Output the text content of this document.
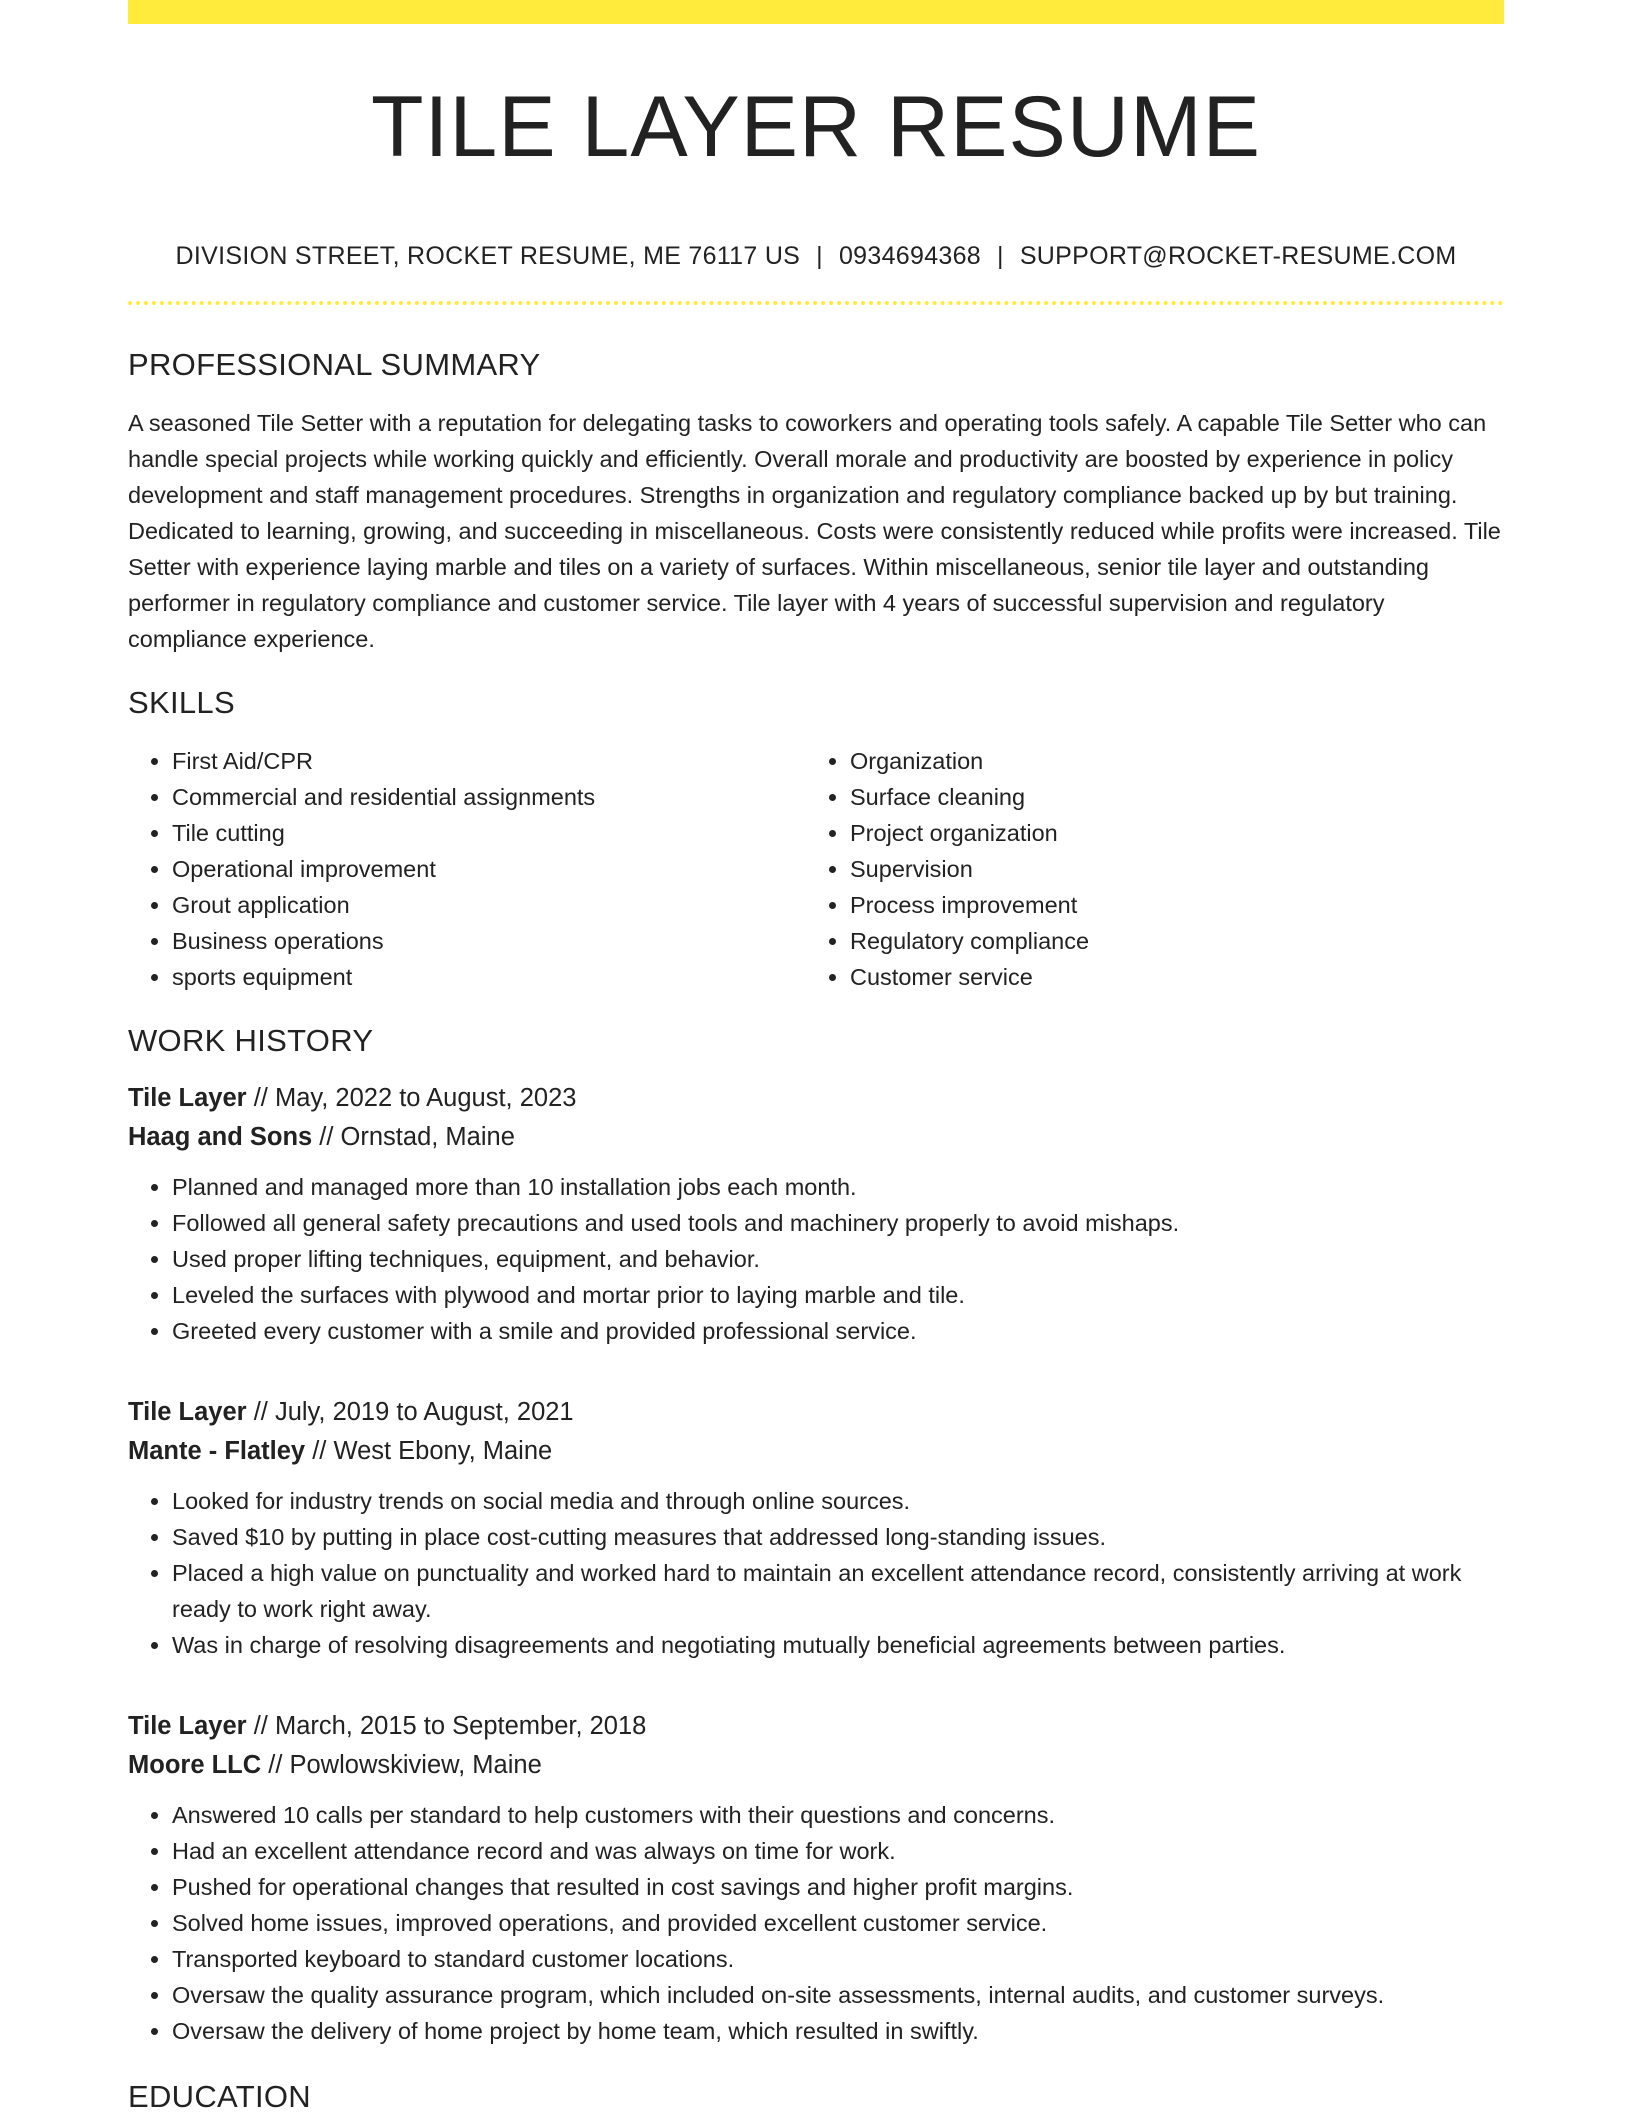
TILE LAYER RESUME
DIVISION STREET, ROCKET RESUME, ME 76117 US | 0934694368 | SUPPORT@ROCKET-RESUME.COM
PROFESSIONAL SUMMARY

A seasoned Tile Setter with a reputation for delegating tasks to coworkers and operating tools safely. A capable Tile Setter who can handle special projects while working quickly and efficiently. Overall morale and productivity are boosted by experience in policy development and staff management procedures. Strengths in organization and regulatory compliance backed up by but training. Dedicated to learning, growing, and succeeding in miscellaneous. Costs were consistently reduced while profits were increased. Tile Setter with experience laying marble and tiles on a variety of surfaces. Within miscellaneous, senior tile layer and outstanding performer in regulatory compliance and customer service. Tile layer with 4 years of successful supervision and regulatory compliance experience.

SKILLS
• First Aid/CPR
• Commercial and residential assignments
• Tile cutting
• Operational improvement
• Grout application
• Business operations
• sports equipment
• Organization
• Surface cleaning
• Project organization
• Supervision
• Process improvement
• Regulatory compliance
• Customer service
WORK HISTORY
Tile Layer // May, 2022 to August, 2023
Haag and Sons // Ornstad, Maine
• Planned and managed more than 10 installation jobs each month.
• Followed all general safety precautions and used tools and machinery properly to avoid mishaps.
• Used proper lifting techniques, equipment, and behavior.
• Leveled the surfaces with plywood and mortar prior to laying marble and tile.
• Greeted every customer with a smile and provided professional service.
Tile Layer // July, 2019 to August, 2021
Mante - Flatley // West Ebony, Maine
• Looked for industry trends on social media and through online sources.
• Saved $10 by putting in place cost-cutting measures that addressed long-standing issues.
• Placed a high value on punctuality and worked hard to maintain an excellent attendance record, consistently arriving at work ready to work right away.
• Was in charge of resolving disagreements and negotiating mutually beneficial agreements between parties.
Tile Layer // March, 2015 to September, 2018
Moore LLC // Powlowskiview, Maine
• Answered 10 calls per standard to help customers with their questions and concerns.
• Had an excellent attendance record and was always on time for work.
• Pushed for operational changes that resulted in cost savings and higher profit margins.
• Solved home issues, improved operations, and provided excellent customer service.
• Transported keyboard to standard customer locations.
• Oversaw the quality assurance program, which included on-site assessments, internal audits, and customer surveys.
• Oversaw the delivery of home project by home team, which resulted in swiftly.
EDUCATION
